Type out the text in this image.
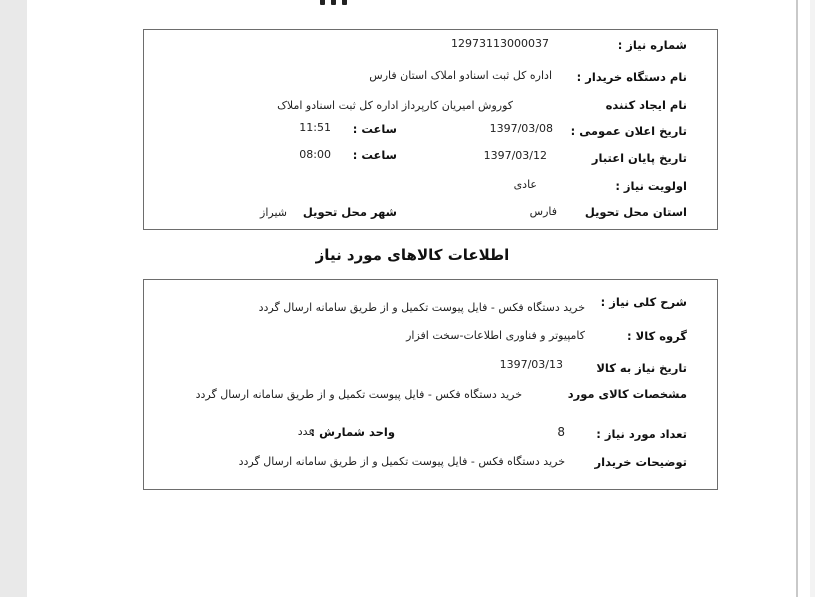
شماره نیاز :
12973113000037
نام دستگاه خریدار :
اداره کل ثبت اسنادو املاک استان فارس
نام ایجاد کننده
کوروش امیریان کارپرداز اداره کل ثبت اسنادو املاک
تاریخ اعلان عمومی :
1397/03/08
ساعت :
11:51
تاریخ پایان اعتبار
1397/03/12
ساعت :
08:00
اولویت نیاز :
عادی
استان محل تحویل
فارس
شهر محل تحویل
شیراز
اطلاعات کالاهای مورد نیاز
شرح کلی نیاز :
خرید دستگاه فکس - فایل پیوست تکمیل و از طریق سامانه ارسال گردد
گروه کالا :
کامپیوتر و فناوری اطلاعات-سخت افزار
تاریخ نیاز به کالا
1397/03/13
مشخصات کالای مورد
خرید دستگاه فکس - فایل پیوست تکمیل و از طریق سامانه ارسال گردد
تعداد مورد نیاز :
8
واحد شمارش :
عدد
توضیحات خریدار
خرید دستگاه فکس - فایل پیوست تکمیل و از طریق سامانه ارسال گردد
